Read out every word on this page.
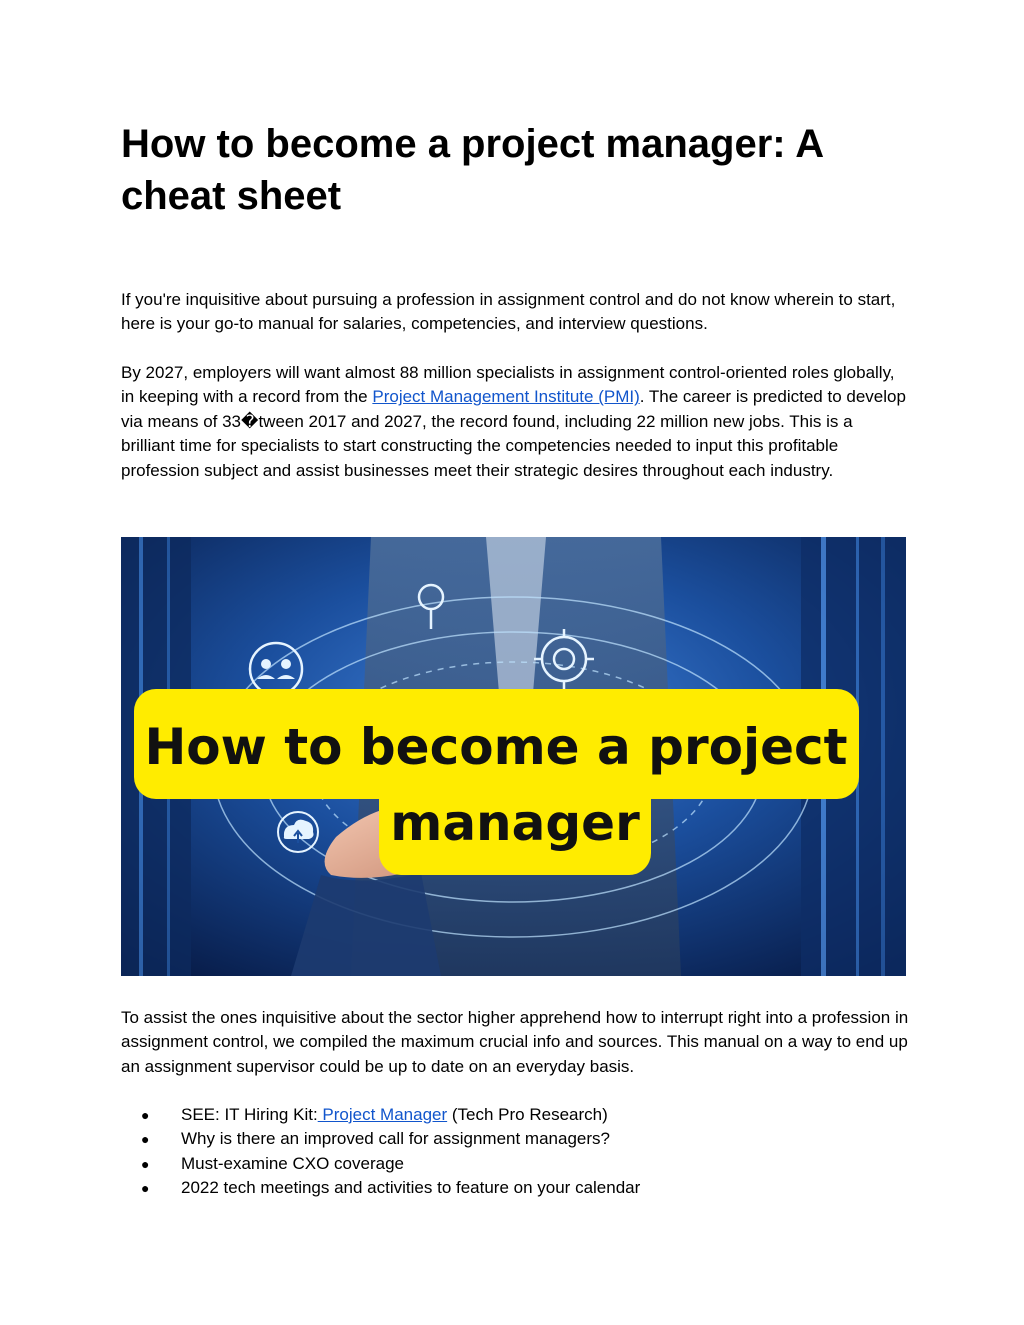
How to become a project manager: A cheat sheet

If you're inquisitive about pursuing a profession in assignment control and do not know wherein to start, here is your go-to manual for salaries, competencies, and interview questions.

By 2027, employers will want almost 88 million specialists in assignment control-oriented roles globally, in keeping with a record from the Project Management Institute (PMI). The career is predicted to develop via means of 33�tween 2017 and 2027, the record found, including 22 million new jobs. This is a brilliant time for specialists to start constructing the competencies needed to input this profitable profession subject and assist businesses meet their strategic desires throughout each industry.

How to become a project
manager

To assist the ones inquisitive about the sector higher apprehend how to interrupt right into a profession in assignment control, we compiled the maximum crucial info and sources. This manual on a way to end up an assignment supervisor could be up to date on an everyday basis.

● SEE: IT Hiring Kit: Project Manager (Tech Pro Research)
● Why is there an improved call for assignment managers?
● Must-examine CXO coverage
● 2022 tech meetings and activities to feature on your calendar
